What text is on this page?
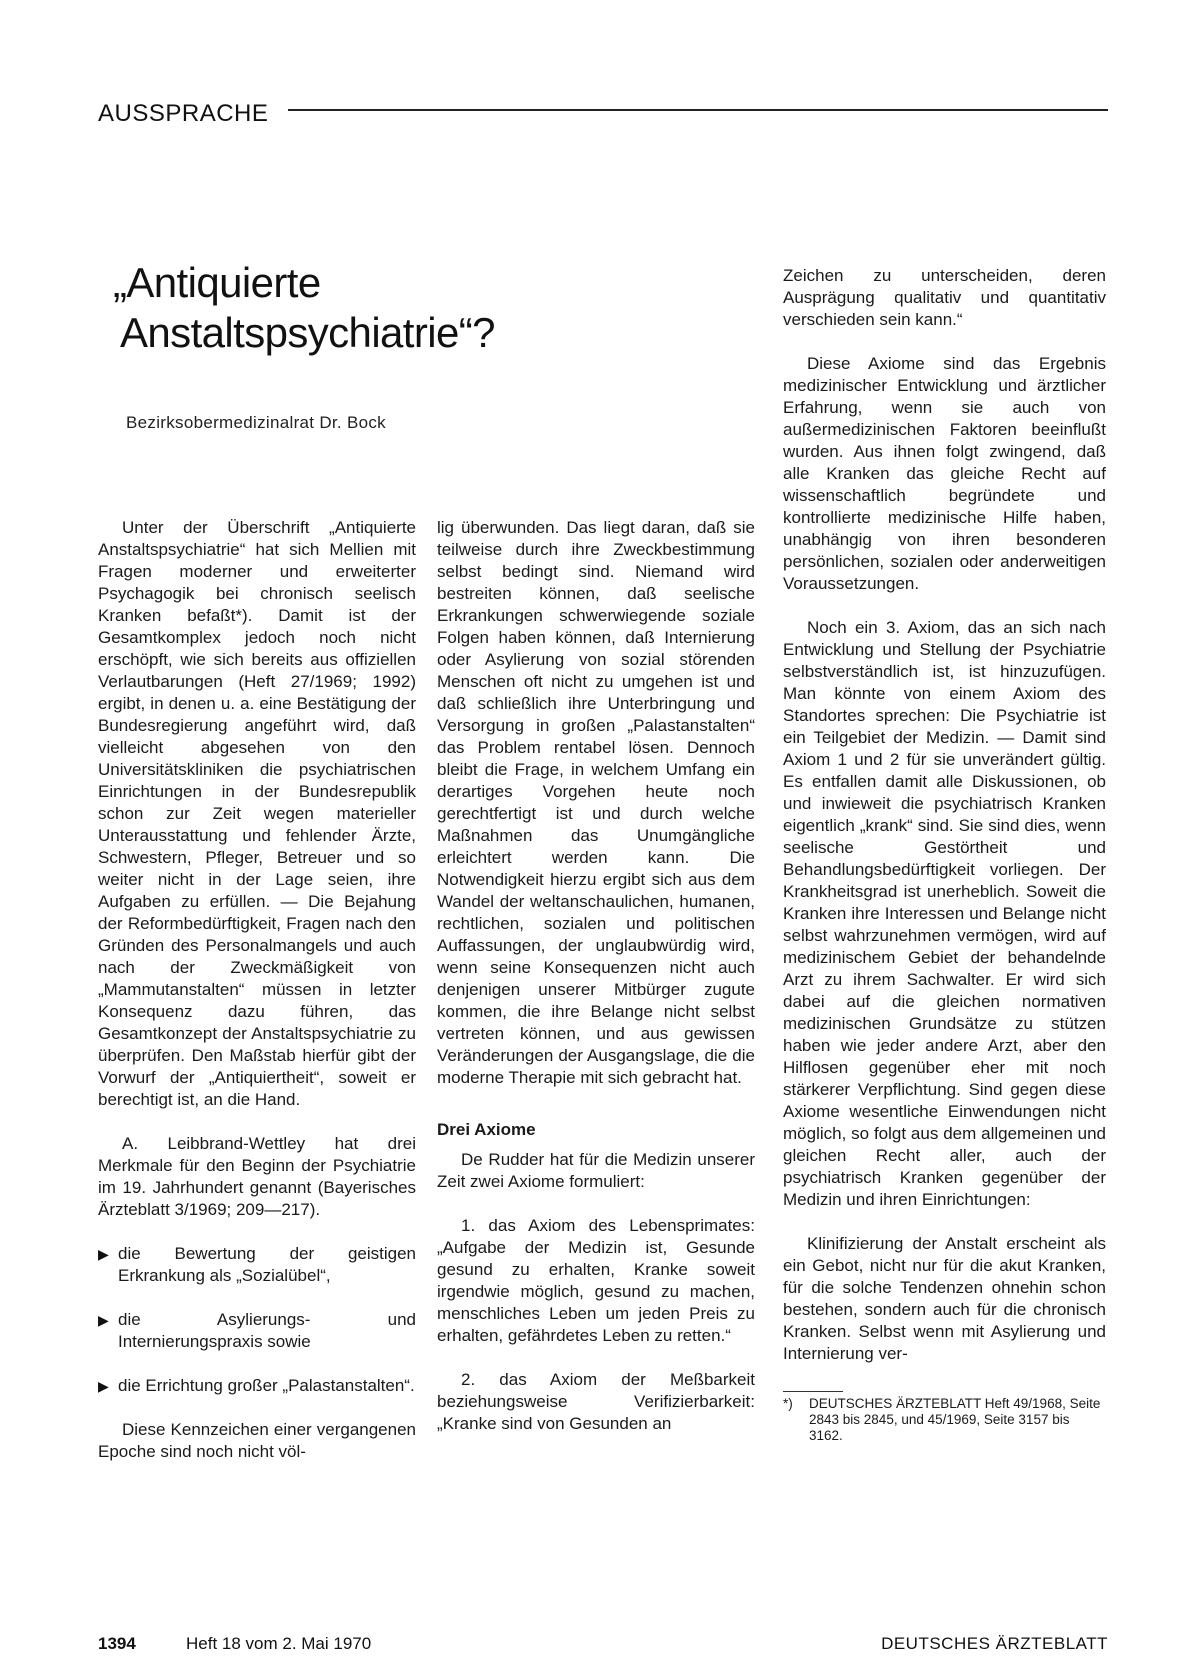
AUSSPRACHE
„Antiquierte
Anstaltspsychiatrie“?
Bezirksobermedizinalrat Dr. Bock

Unter der Überschrift „Antiquierte Anstaltspsychiatrie“ hat sich Mellien mit Fragen moderner und erweiterter Psychagogik bei chronisch seelisch Kranken befaßt*). Damit ist der Gesamtkomplex jedoch noch nicht erschöpft, wie sich bereits aus offiziellen Verlautbarungen (Heft 27/1969; 1992) ergibt, in denen u. a. eine Bestätigung der Bundesregierung angeführt wird, daß vielleicht abgesehen von den Universitätskliniken die psychiatrischen Einrichtungen in der Bundesrepublik schon zur Zeit wegen materieller Unterausstattung und fehlender Ärzte, Schwestern, Pfleger, Betreuer und so weiter nicht in der Lage seien, ihre Aufgaben zu erfüllen. — Die Bejahung der Reformbedürftigkeit, Fragen nach den Gründen des Personalmangels und auch nach der Zweckmäßigkeit von „Mammutanstalten“ müssen in letzter Konsequenz dazu führen, das Gesamtkonzept der Anstaltspsychiatrie zu überprüfen. Den Maßstab hierfür gibt der Vorwurf der „Antiquiertheit“, soweit er berechtigt ist, an die Hand.

A. Leibbrand-Wettley hat drei Merkmale für den Beginn der Psychiatrie im 19. Jahrhundert genannt (Bayerisches Ärzteblatt 3/1969; 209—217).

▶ die Bewertung der geistigen Erkrankung als „Sozialübel“,
▶ die Asylierungs- und Internierungspraxis sowie
▶ die Errichtung großer „Palastanstalten“.

Diese Kennzeichen einer vergangenen Epoche sind noch nicht völ-

lig überwunden. Das liegt daran, daß sie teilweise durch ihre Zweckbestimmung selbst bedingt sind. Niemand wird bestreiten können, daß seelische Erkrankungen schwerwiegende soziale Folgen haben können, daß Internierung oder Asylierung von sozial störenden Menschen oft nicht zu umgehen ist und daß schließlich ihre Unterbringung und Versorgung in großen „Palastanstalten“ das Problem rentabel lösen. Dennoch bleibt die Frage, in welchem Umfang ein derartiges Vorgehen heute noch gerechtfertigt ist und durch welche Maßnahmen das Unumgängliche erleichtert werden kann. Die Notwendigkeit hierzu ergibt sich aus dem Wandel der weltanschaulichen, humanen, rechtlichen, sozialen und politischen Auffassungen, der unglaubwürdig wird, wenn seine Konsequenzen nicht auch denjenigen unserer Mitbürger zugute kommen, die ihre Belange nicht selbst vertreten können, und aus gewissen Veränderungen der Ausgangslage, die die moderne Therapie mit sich gebracht hat.

Drei Axiome

De Rudder hat für die Medizin unserer Zeit zwei Axiome formuliert:

1. das Axiom des Lebensprimates: „Aufgabe der Medizin ist, Gesunde gesund zu erhalten, Kranke soweit irgendwie möglich, gesund zu machen, menschliches Leben um jeden Preis zu erhalten, gefährdetes Leben zu retten.“

2. das Axiom der Meßbarkeit beziehungsweise Verifizierbarkeit: „Kranke sind von Gesunden an

Zeichen zu unterscheiden, deren Ausprägung qualitativ und quantitativ verschieden sein kann.“

Diese Axiome sind das Ergebnis medizinischer Entwicklung und ärztlicher Erfahrung, wenn sie auch von außermedizinischen Faktoren beeinflußt wurden. Aus ihnen folgt zwingend, daß alle Kranken das gleiche Recht auf wissenschaftlich begründete und kontrollierte medizinische Hilfe haben, unabhängig von ihren besonderen persönlichen, sozialen oder anderweitigen Voraussetzungen.

Noch ein 3. Axiom, das an sich nach Entwicklung und Stellung der Psychiatrie selbstverständlich ist, ist hinzuzufügen. Man könnte von einem Axiom des Standortes sprechen: Die Psychiatrie ist ein Teilgebiet der Medizin. — Damit sind Axiom 1 und 2 für sie unverändert gültig. Es entfallen damit alle Diskussionen, ob und inwieweit die psychiatrisch Kranken eigentlich „krank“ sind. Sie sind dies, wenn seelische Gestörtheit und Behandlungsbedürftigkeit vorliegen. Der Krankheitsgrad ist unerheblich. Soweit die Kranken ihre Interessen und Belange nicht selbst wahrzunehmen vermögen, wird auf medizinischem Gebiet der behandelnde Arzt zu ihrem Sachwalter. Er wird sich dabei auf die gleichen normativen medizinischen Grundsätze zu stützen haben wie jeder andere Arzt, aber den Hilflosen gegenüber eher mit noch stärkerer Verpflichtung. Sind gegen diese Axiome wesentliche Einwendungen nicht möglich, so folgt aus dem allgemeinen und gleichen Recht aller, auch der psychiatrisch Kranken gegenüber der Medizin und ihren Einrichtungen:

Klinifizierung der Anstalt erscheint als ein Gebot, nicht nur für die akut Kranken, für die solche Tendenzen ohnehin schon bestehen, sondern auch für die chronisch Kranken. Selbst wenn mit Asylierung und Internierung ver-

*)	DEUTSCHES ÄRZTEBLATT Heft 49/1968, Seite 2843 bis 2845, und 45/1969, Seite 3157 bis 3162.
1394	Heft 18 vom 2. Mai 1970	DEUTSCHES ÄRZTEBLATT
